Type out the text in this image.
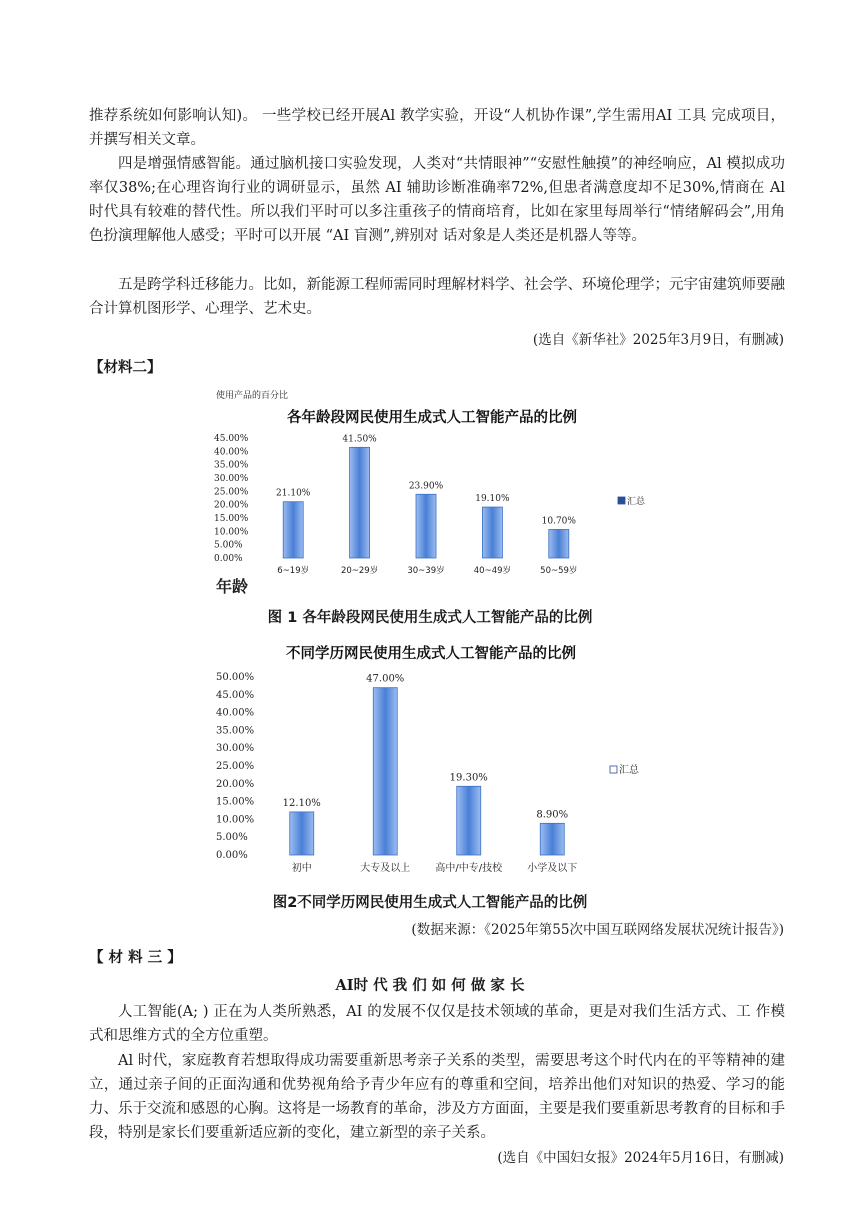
推荐系统如何影响认知)。 一些学校已经开展Al 教学实验，开设“人机协作课”,学生需用AI 工具 完成项目，并撰写相关文章。

四是增强情感智能。通过脑机接口实验发现，人类对“共情眼神”“安慰性触摸”的神经响应，Al 模拟成功率仅38%;在心理咨询行业的调研显示，虽然 AI 辅助诊断准确率72%,但患者满意度却不足30%,情商在 Al 时代具有较难的替代性。所以我们平时可以多注重孩子的情商培育，比如在家里每周举行“情绪解码会”,用角色扮演理解他人感受；平时可以开展 “AI 盲测”,辨别对 话对象是人类还是机器人等等。

五是跨学科迁移能力。比如，新能源工程师需同时理解材料学、社会学、环境伦理学；元宇宙建筑师要融合计算机图形学、心理学、艺术史。

(选自《新华社》2025年3月9日，有删减)

【材料二】

0.00%
5.00%
10.00%
15.00%
20.00%
25.00%
30.00%
35.00%
40.00%
45.00%
21.10%
6~19岁
41.50%
20~29岁
23.90%
30~39岁
19.10%
40~49岁
10.70%
50~59岁
汇总
各年龄段网民使用生成式人工智能产品的比例
使用产品的百分比
年龄

图 1 各年龄段网民使用生成式人工智能产品的比例

0.00%
5.00%
10.00%
15.00%
20.00%
25.00%
30.00%
35.00%
40.00%
45.00%
50.00%
12.10%
初中
47.00%
大专及以上
19.30%
高中/中专/技校
8.90%
小学及以下
汇总
不同学历网民使用生成式人工智能产品的比例

图2不同学历网民使用生成式人工智能产品的比例

(数据来源：《2025年第55次中国互联网络发展状况统计报告》)

【 材 料 三 】

AI时 代 我 们 如 何 做 家 长

人工智能(A; ) 正在为人类所熟悉，AI 的发展不仅仅是技术领域的革命，更是对我们生活方式、工 作模式和思维方式的全方位重塑。

Al 时代，家庭教育若想取得成功需要重新思考亲子关系的类型，需要思考这个时代内在的平等精神的建立，通过亲子间的正面沟通和优势视角给予青少年应有的尊重和空间，培养出他们对知识的热爱、学习的能力、乐于交流和感恩的心胸。这将是一场教育的革命，涉及方方面面，主要是我们要重新思考教育的目标和手段，特别是家长们要重新适应新的变化，建立新型的亲子关系。

(选自《中国妇女报》2024年5月16日，有删减)
